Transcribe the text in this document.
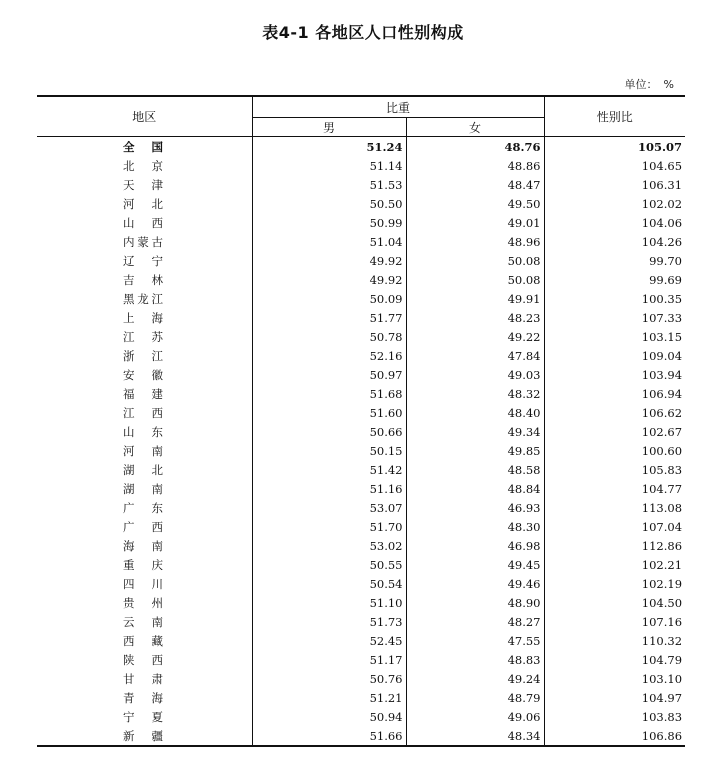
表4-1 各地区人口性别构成
单位： %
地区	比重		性别比
	男	女	
全国	51.24	48.76	105.07
北京	51.14	48.86	104.65
天津	51.53	48.47	106.31
河北	50.50	49.50	102.02
山西	50.99	49.01	104.06
内蒙古	51.04	48.96	104.26
辽宁	49.92	50.08	99.70
吉林	49.92	50.08	99.69
黑龙江	50.09	49.91	100.35
上海	51.77	48.23	107.33
江苏	50.78	49.22	103.15
浙江	52.16	47.84	109.04
安徽	50.97	49.03	103.94
福建	51.68	48.32	106.94
江西	51.60	48.40	106.62
山东	50.66	49.34	102.67
河南	50.15	49.85	100.60
湖北	51.42	48.58	105.83
湖南	51.16	48.84	104.77
广东	53.07	46.93	113.08
广西	51.70	48.30	107.04
海南	53.02	46.98	112.86
重庆	50.55	49.45	102.21
四川	50.54	49.46	102.19
贵州	51.10	48.90	104.50
云南	51.73	48.27	107.16
西藏	52.45	47.55	110.32
陕西	51.17	48.83	104.79
甘肃	50.76	49.24	103.10
青海	51.21	48.79	104.97
宁夏	50.94	49.06	103.83
新疆	51.66	48.34	106.86
